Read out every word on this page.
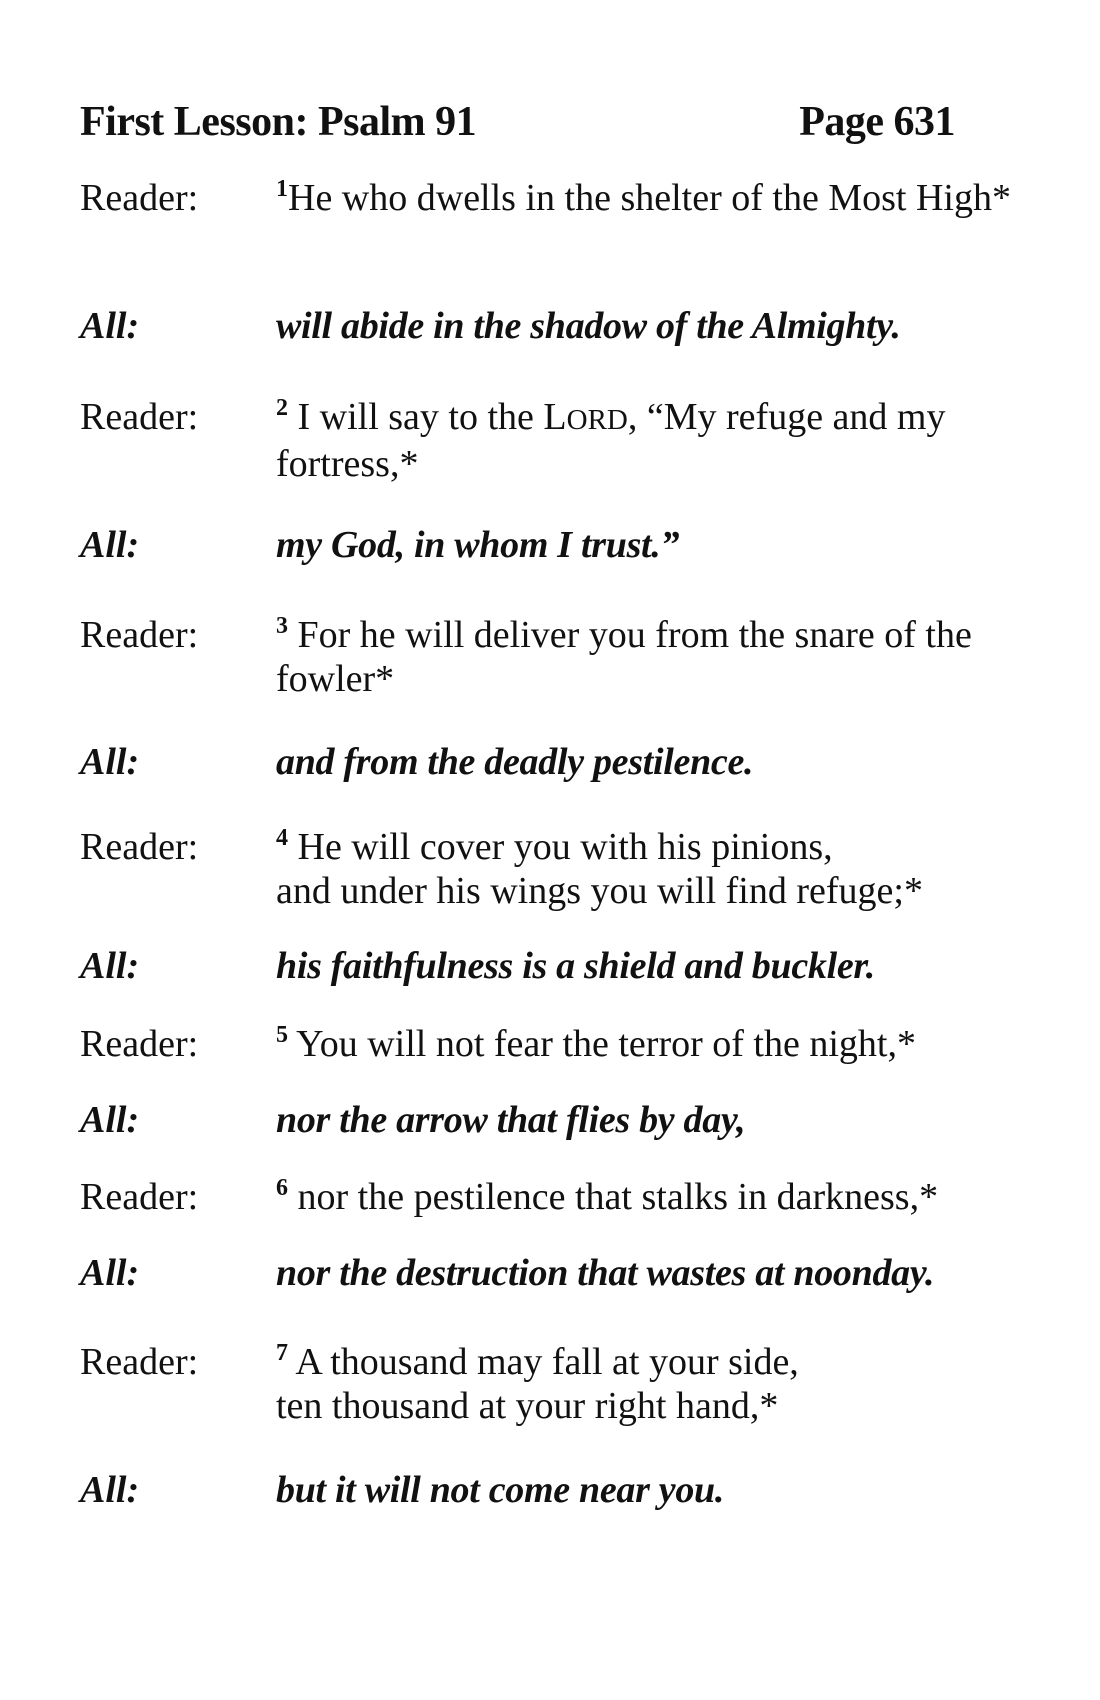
First Lesson: Psalm 91	Page 631
Reader:	$^1$He who dwells in the shelter of the Most High*
All:	will abide in the shadow of the Almighty.
Reader:	$^2$ I will say to the LORD, “My refuge and my fortress,*
All:	my God, in whom I trust.”
Reader:	$^3$ For he will deliver you from the snare of the fowler*
All:	and from the deadly pestilence.
Reader:	$^4$ He will cover you with his pinions,
and under his wings you will find refuge;*
All:	his faithfulness is a shield and buckler.
Reader:	$^5$ You will not fear the terror of the night,*
All:	nor the arrow that flies by day,
Reader:	$^6$ nor the pestilence that stalks in darkness,*
All:	nor the destruction that wastes at noonday.
Reader:	$^7$ A thousand may fall at your side,
ten thousand at your right hand,*
All:	but it will not come near you.
